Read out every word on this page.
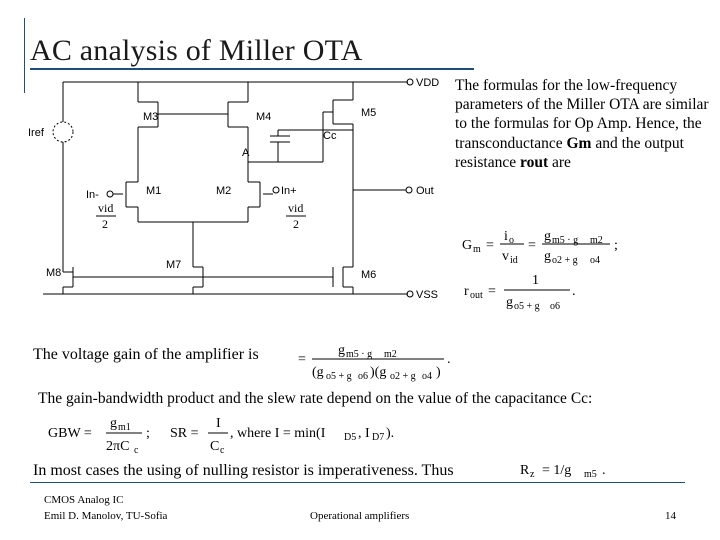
AC analysis of Miller OTA
VDD
VSS
Iref
M3	M4	M5
A
Cc
In-	M1	In+
M2
vid
2
vid
2
M7
M8	M6
Out
The formulas for the low-frequency parameters of the Miller OTA are similar to the formulas for Op Amp. Hence, the transconductance Gm and the output resistance rout are
G m =
i o
v id
=
g m5 · g m2
g o2 + g o4
;
r out =
1
g o5 + g o6
.
The voltage gain of the amplifier is	=
g m5 · g m2
(g o5 + g o6 )(g o2 + g o4 )
.
The gain-bandwidth product and the slew rate depend on the value of the capacitance Cc:
GBW =
g m1
2πC c
; SR =
I
C c
, where I = min(I D5 , I D7 ).
In most cases the using of nulling resistor is imperativeness. Thus	R z = 1/g m5 .
CMOS Analog IC
Emil D. Manolov, TU-Sofia	Operational amplifiers	14
